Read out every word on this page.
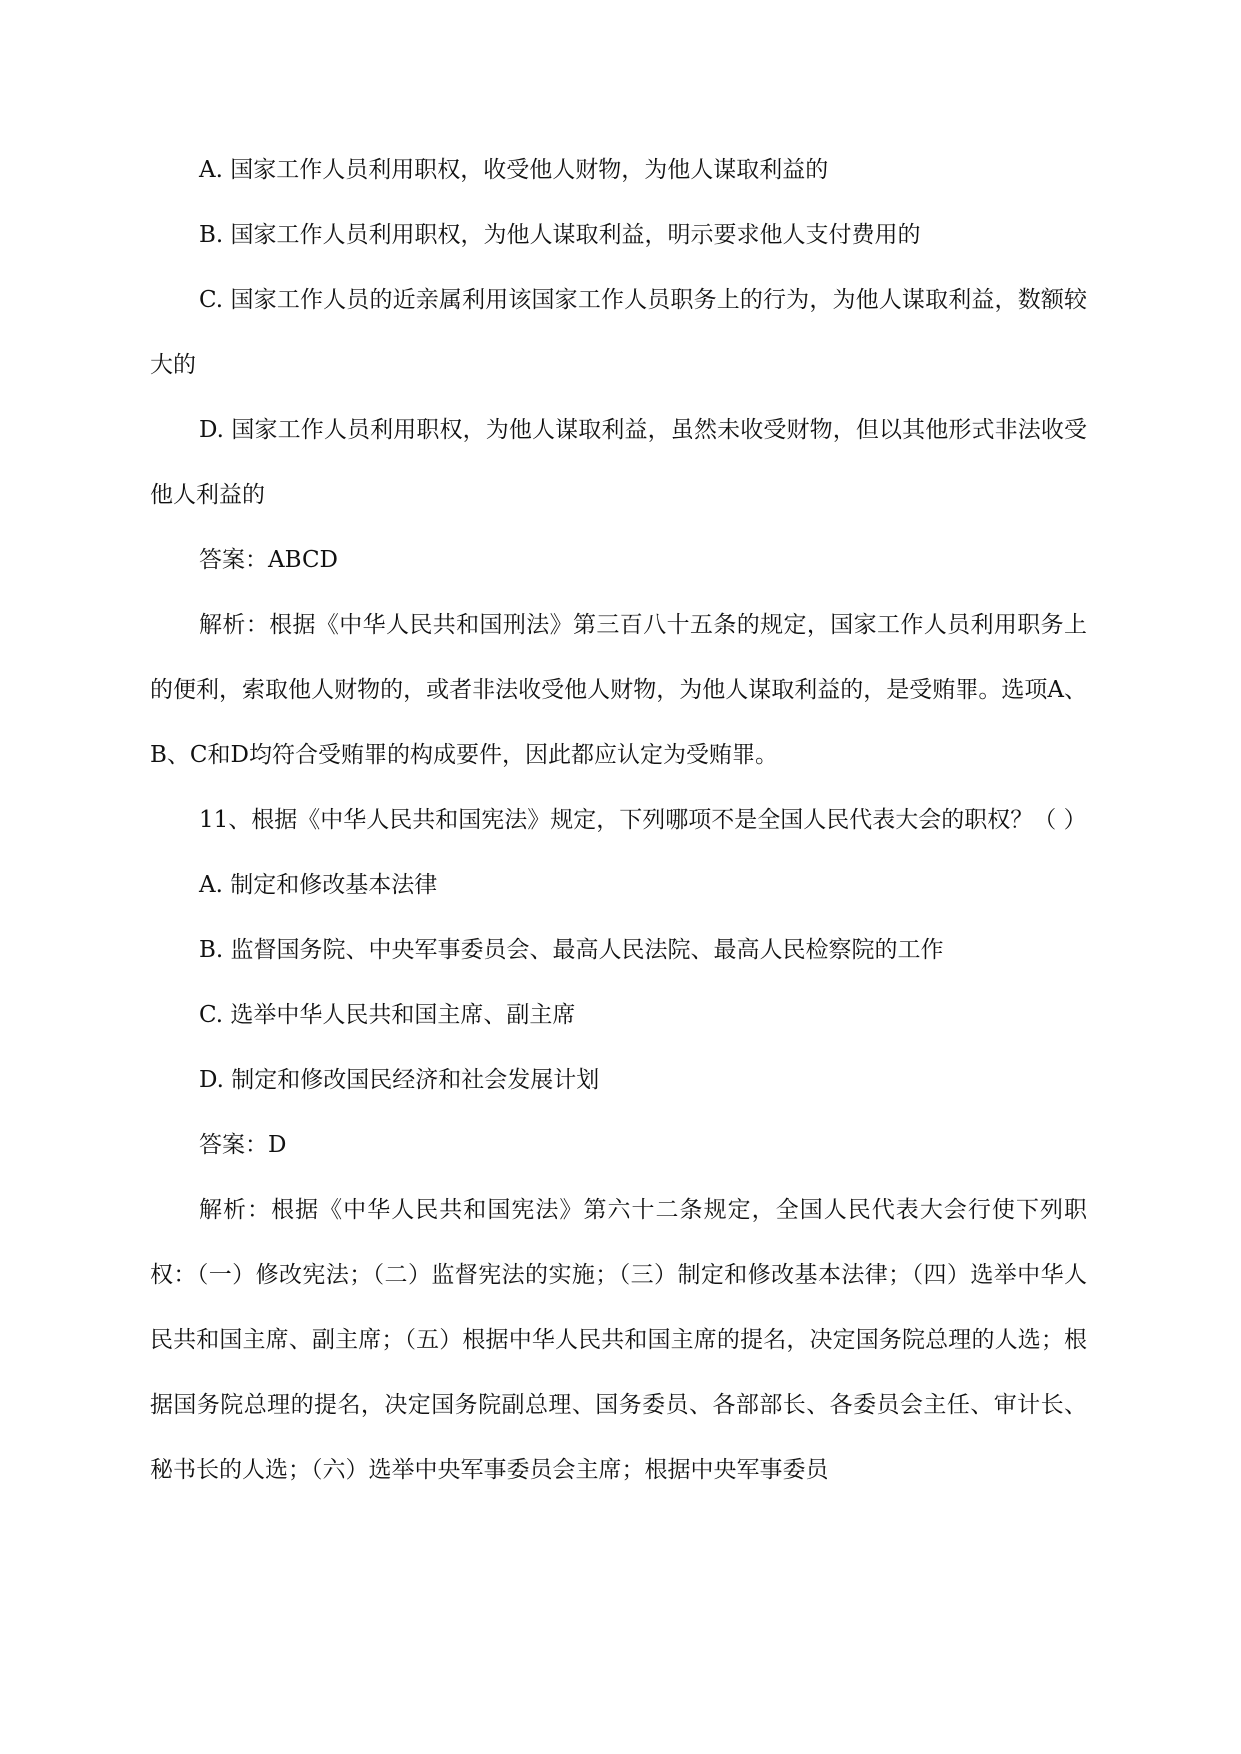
A. 国家工作人员利用职权，收受他人财物，为他人谋取利益的

B. 国家工作人员利用职权，为他人谋取利益，明示要求他人支付费用的

C. 国家工作人员的近亲属利用该国家工作人员职务上的行为，为他人谋取利益，数额较大的

D. 国家工作人员利用职权，为他人谋取利益，虽然未收受财物，但以其他形式非法收受他人利益的

答案：ABCD

解析：根据《中华人民共和国刑法》第三百八十五条的规定，国家工作人员利用职务上的便利，索取他人财物的，或者非法收受他人财物，为他人谋取利益的，是受贿罪。选项A、B、C和D均符合受贿罪的构成要件，因此都应认定为受贿罪。

11、根据《中华人民共和国宪法》规定，下列哪项不是全国人民代表大会的职权？（ ）

A. 制定和修改基本法律

B. 监督国务院、中央军事委员会、最高人民法院、最高人民检察院的工作

C. 选举中华人民共和国主席、副主席

D. 制定和修改国民经济和社会发展计划

答案：D

解析：根据《中华人民共和国宪法》第六十二条规定，全国人民代表大会行使下列职权：（一）修改宪法；（二）监督宪法的实施；（三）制定和修改基本法律；（四）选举中华人民共和国主席、副主席；（五）根据中华人民共和国主席的提名，决定国务院总理的人选；根据国务院总理的提名，决定国务院副总理、国务委员、各部部长、各委员会主任、审计长、秘书长的人选；（六）选举中央军事委员会主席；根据中央军事委员
